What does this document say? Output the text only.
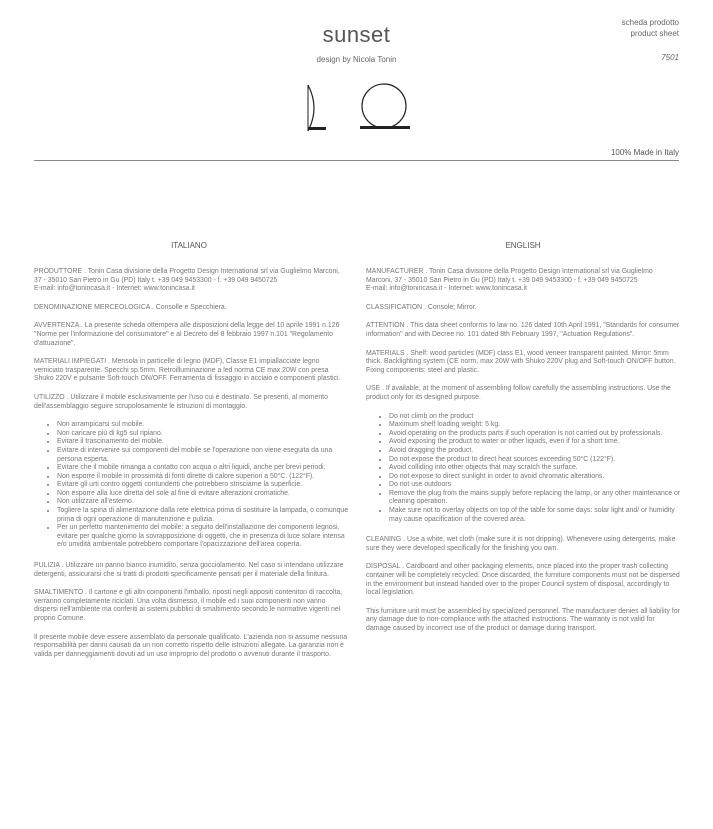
sunset
design by Nicola Tonin
scheda prodotto
product sheet
7501
100% Made in Italy
ITALIANO	ENGLISH

PRODUTTORE . Tonin Casa divisione della Progetto Design International srl via Guglielmo Marconi, 37 - 35010 San Pietro in Gu (PD) Italy t. +39 049 9453300 - f. +39 049 9450725
E-mail: info@tonincasa.it - Internet: www.tonincasa.it

DENOMINAZIONE MERCEOLOGICA . Consolle e Specchiera.

AVVERTENZA . La presente scheda ottempera alle disposizioni della legge del 10 aprile 1991 n.126 "Norme per l'informazione del consumatore" e al Decreto del 8 febbraio 1997 n.101 "Regolamento d'attuazione".

MATERIALI IMPIEGATI . Mensola in particelle di legno (MDF), Classe E1 impiallacciate legno verniciato trasparente. Specchi sp.5mm. Retroilluminazione a led norma CE max 20W con presa Shuko 220V e pulsante Soft-touch ON/OFF. Ferramenta di fissaggio in acciaio e componenti plastici.

UTILIZZO . Utilizzare il mobile esclusivamente per l'uso cui è destinato. Se presenti, al momento dell'assemblaggio seguire scrupolosamente le istruzioni di montaggio.

• Non arrampicarsi sul mobile.
• Non caricare più di kg5 sul ripiano.
• Evitare il trascinamento del mobile.
• Evitare di intervenire sui componenti del mobile se l'operazione non viene eseguita da una persona esperta.
• Evitare che il mobile rimanga a contatto con acqua o altri liquidi, anche per brevi periodi.
• Non esporre il mobile in prossimità di fonti dirette di calore superiori a 50°C. (122°F).
• Evitare gli urti contro oggetti contundenti che potrebbero strisciarne la superficie.
• Non esporre alla luce diretta del sole al fine di evitare alterazioni cromatiche.
• Non utilizzare all'esterno.
• Togliere la spina di alimentazione dalla rete elettrica prima di sostituire la lampada, o comunque prima di ogni operazione di manutenzione e pulizia.
• Per un perfetto mantenimento del mobile: a seguito dell'installazione dei componenti legnosi, evitare per qualche giorno la sovrapposizione di oggetti, che in presenza di luce solare intensa e/o umidità ambientale potrebbero comportare l'opacizzazione dell'area coperta.

PULIZIA . Utilizzare un panno bianco inumidito, senza gocciolamento. Nel caso si intendano utilizzare detergenti, assicurarsi che si tratti di prodotti specificamente pensati per il materiale della finitura.

SMALTIMENTO . Il cartone e gli altri componenti l'imballo, riposti negli appositi contenitori di raccolta, verranno completamente riciclati. Una volta dismesso, il mobile ed i suoi componenti non vanno dispersi nell'ambiente ma conferiti ai sistemi pubblici di smaltimento secondo le normative vigenti nel proprio Comune.

Il presente mobile deve essere assemblato da personale qualificato. L'azienda non si assume nessuna responsabilità per danni causati da un non corretto rispetto delle istruzioni allegate. La garanzia non è valida per danneggiamenti dovuti ad un uso improprio del prodotto o avvenuti durante il trasporto.

MANUFACTURER . Tonin Casa divisione della Progetto Design International srl via Guglielmo Marconi, 37 - 35010 San Pietro in Gu (PD) Italy t. +39 049 9453300 - f. +39 049 9450725
E-mail: info@tonincasa.it - Internet: www.tonincasa.it

CLASSIFICATION . Console; Mirror.

ATTENTION . This data sheet conforms to law no. 126 dated 10th April 1991, "Standards for consumer information" and with Decree no. 101 dated 8th February 1997, "Actuation Regulations".

MATERIALS . Shelf: wood particles (MDF) class E1, wood veneer transparent painted. Mirror: 5mm thick. Backlighting system (CE norm, max 20W with Shuko 220V plug and Soft-touch ON/OFF button. Fixing components: steel and plastic.

USE . If available, at the moment of assembling follow carefully the assembling instructions. Use the product only for its designed purpose.

• Do not climb on the product
• Maximum shelf loading weight: 5 kg.
• Avoid operating on the products parts if such operation is not carried out by professionals.
• Avoid exposing the product to water or other liquids, even if for a short time.
• Avoid dragging the product.
• Do not expose the product to direct heat sources exceeding 50°C (122°F).
• Avoid colliding into other objects that may scratch the surface.
• Do not expose to direct sunlight in order to avoid chromatic alterations.
• Do not use outdoors
• Remove the plug from the mains supply before replacing the lamp, or any other maintenance or cleaning operation.
• Make sure not to overlay objects on top of the table for some days: solar light and/ or humidity may cause opacification of the covered area.

CLEANING . Use a white, wet cloth (make sure it is not dripping). Whenevere using detergents, make sure they were developed specifically for the finishing you own.

DISPOSAL . Cardboard and other packaging elements, once placed into the proper trash collecting container will be completely recycled. Once discarded, the furniture components must not be dispersed in the environment but instead handed over to the proper Council system of disposal, accordingly to local legislation.

This furniture unit must be assembled by specialized personnel. The manufacturer denies all liability for any damage due to non-compliance with the attached instructions. The warranty is not valid for damage caused by incorrect use of the product or damage during transport.
